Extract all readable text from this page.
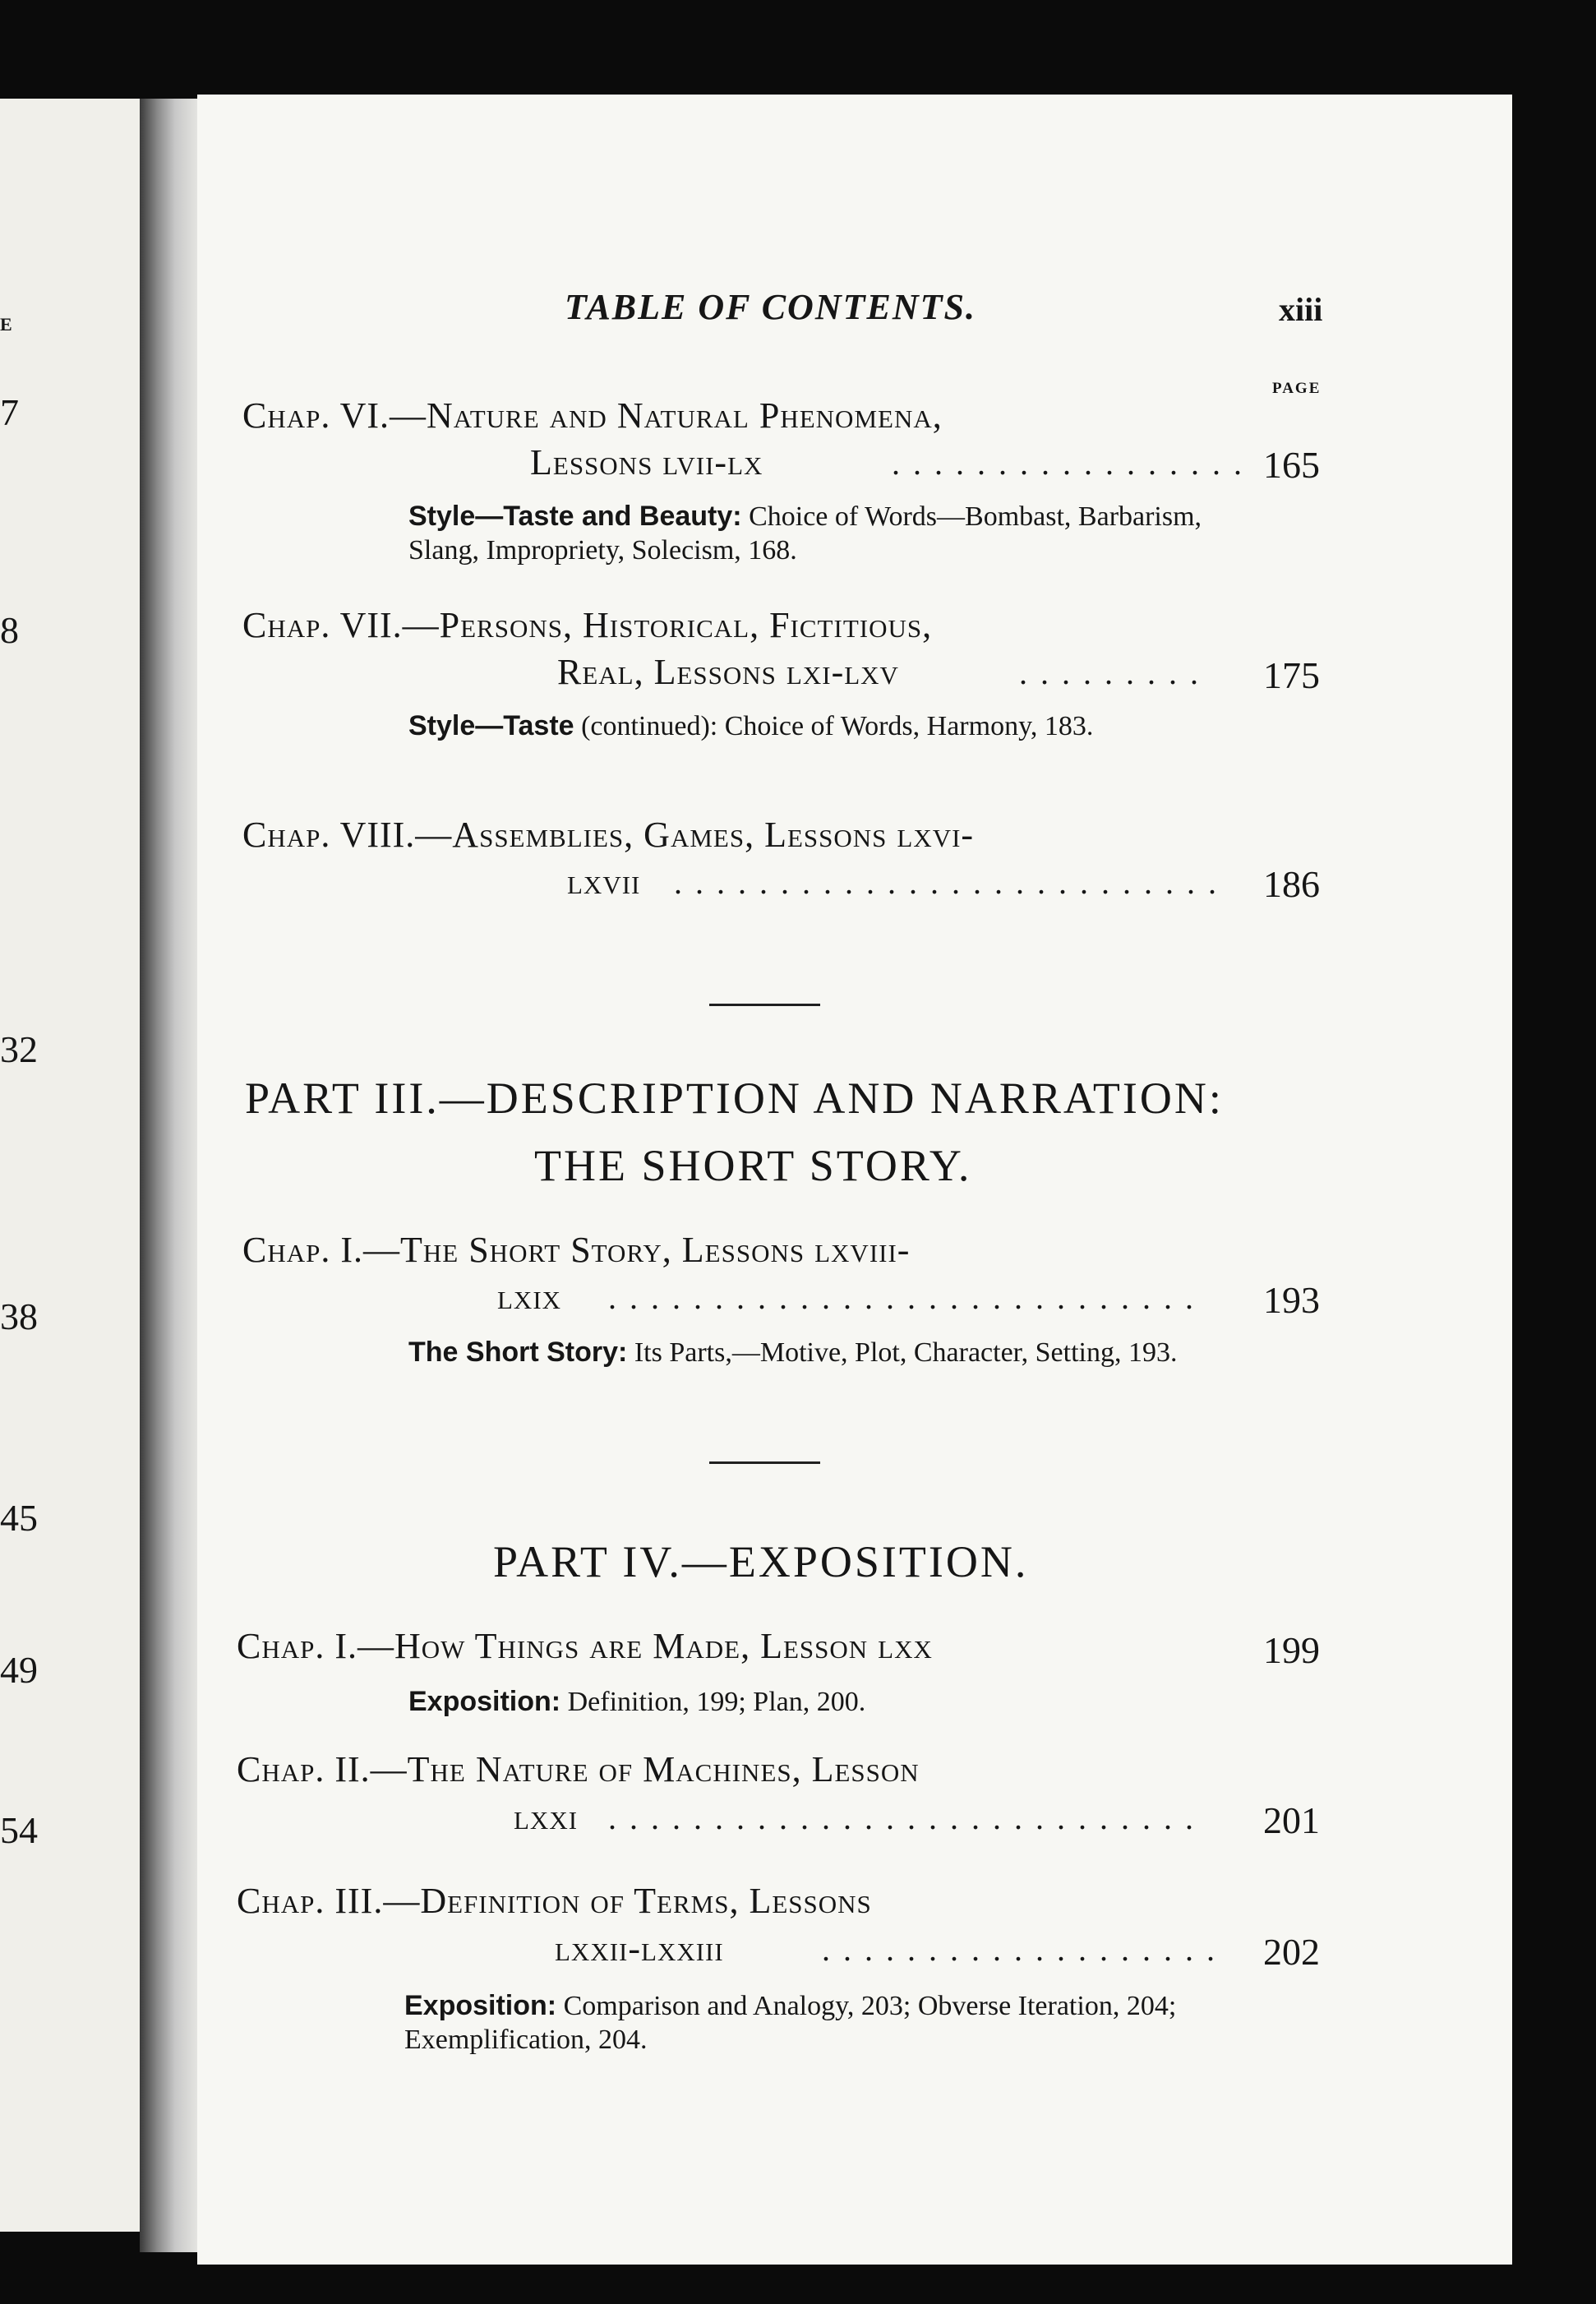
E
7
8
32
38
45
49
54
TABLE OF CONTENTS.	xiii
PAGE
Chap. VI.—Nature and Natural Phenomena,
Lessons lvii-lx	. . . . . . . . . . . . . . . . . 165
Style—Taste and Beauty: Choice of Words—Bombast, Barbarism, Slang, Impropriety, Solecism, 168.
Chap. VII.—Persons, Historical, Fictitious,
Real, Lessons lxi-lxv	. . . . . . . . . 175
Style—Taste (continued): Choice of Words, Harmony, 183.
Chap. VIII.—Assemblies, Games, Lessons lxvi-
lxvii . . . . . . . . . . . . . . . . . . . . . . . . . . 186
PART III.—DESCRIPTION AND NARRATION:
THE SHORT STORY.
Chap. I.—The Short Story, Lessons lxviii-
lxix . . . . . . . . . . . . . . . . . . . . . . . . . . . . 193
The Short Story: Its Parts,—Motive, Plot, Character, Setting, 193.
PART IV.—EXPOSITION.
Chap. I.—How Things are Made, Lesson lxx	199
Exposition: Definition, 199; Plan, 200.
Chap. II.—The Nature of Machines, Lesson
lxxi . . . . . . . . . . . . . . . . . . . . . . . . . . . . 201
Chap. III.—Definition of Terms, Lessons
lxxii-lxxiii	. . . . . . . . . . . . . . . . . . . 202
Exposition: Comparison and Analogy, 203; Obverse Iteration, 204; Exemplification, 204.
